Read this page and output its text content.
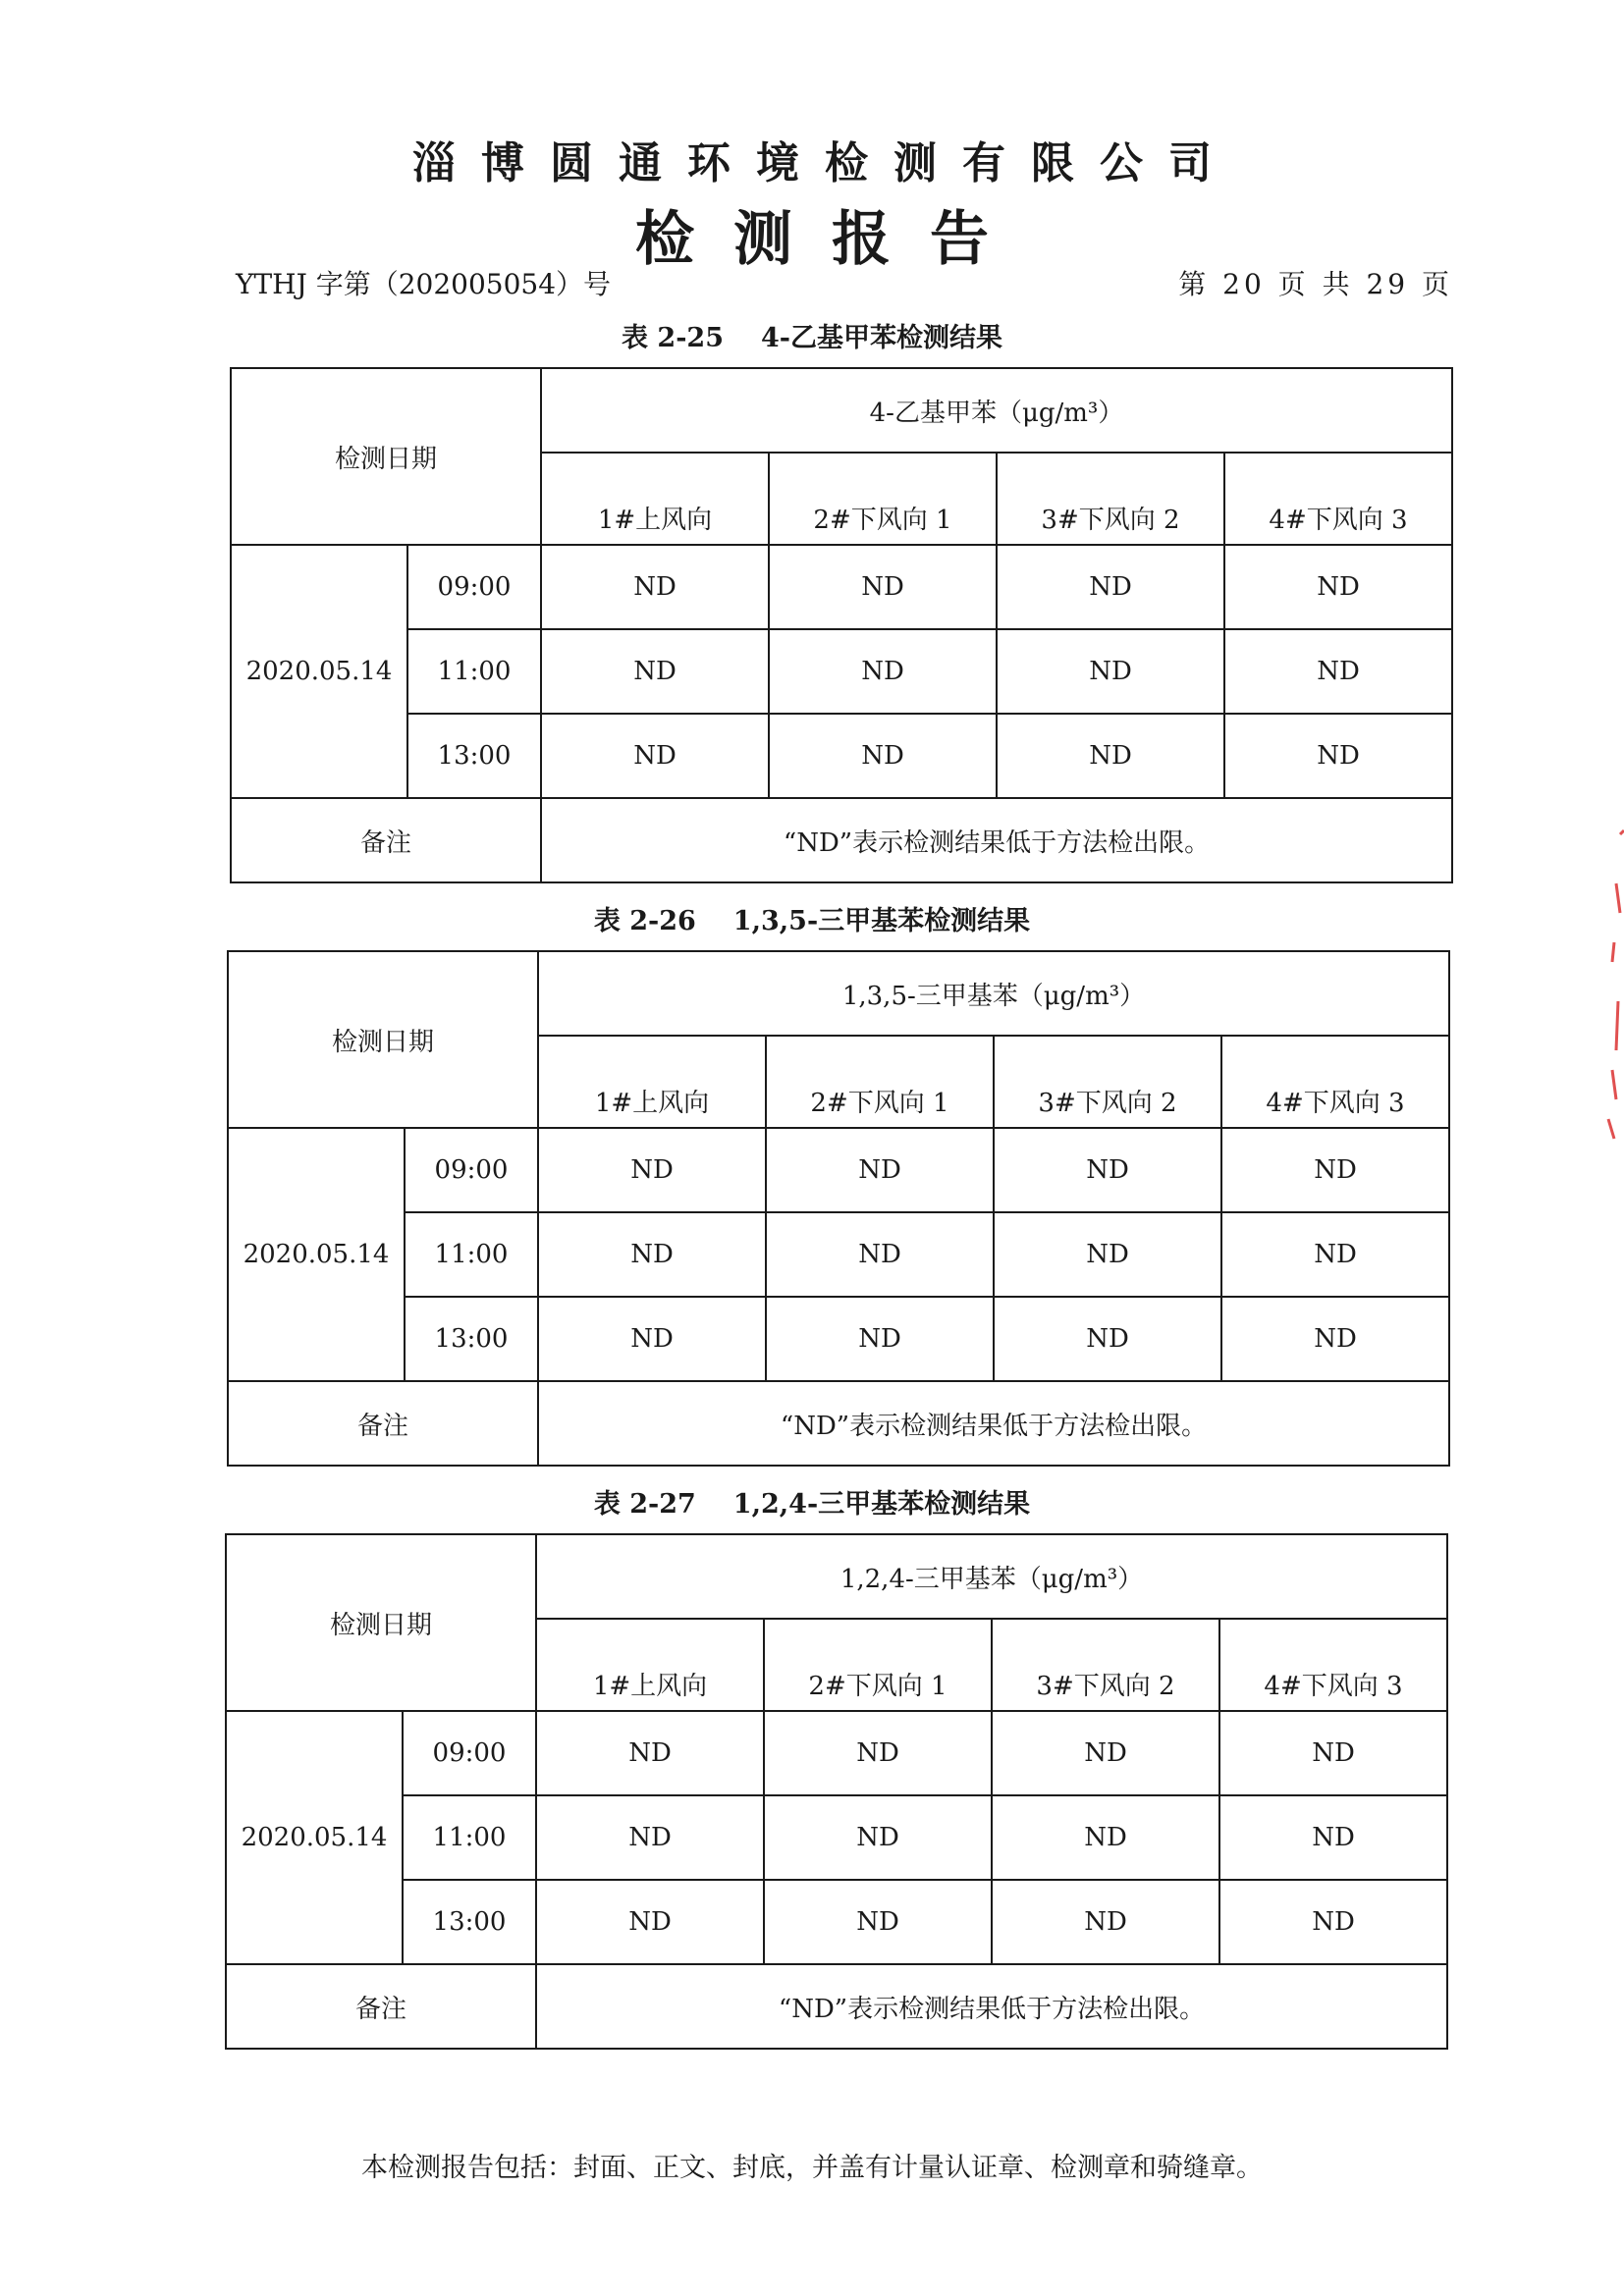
淄博圆通环境检测有限公司
检测报告
YTHJ 字第（202005054）号	第 20 页 共 29 页
表 2-25 4-乙基甲苯检测结果
检测日期		4-乙基甲苯（μg/m³）			
		1#上风向	2#下风向 1	3#下风向 2	4#下风向 3
2020.05.14	09:00	ND	ND	ND	ND
	11:00	ND	ND	ND	ND
	13:00	ND	ND	ND	ND
备注		“ND”表示检测结果低于方法检出限。			
表 2-26 1,3,5-三甲基苯检测结果
检测日期		1,3,5-三甲基苯（μg/m³）			
		1#上风向	2#下风向 1	3#下风向 2	4#下风向 3
2020.05.14	09:00	ND	ND	ND	ND
	11:00	ND	ND	ND	ND
	13:00	ND	ND	ND	ND
备注		“ND”表示检测结果低于方法检出限。			
表 2-27 1,2,4-三甲基苯检测结果
检测日期		1,2,4-三甲基苯（μg/m³）			
		1#上风向	2#下风向 1	3#下风向 2	4#下风向 3
2020.05.14	09:00	ND	ND	ND	ND
	11:00	ND	ND	ND	ND
	13:00	ND	ND	ND	ND
备注		“ND”表示检测结果低于方法检出限。			
本检测报告包括：封面、正文、封底，并盖有计量认证章、检测章和骑缝章。
